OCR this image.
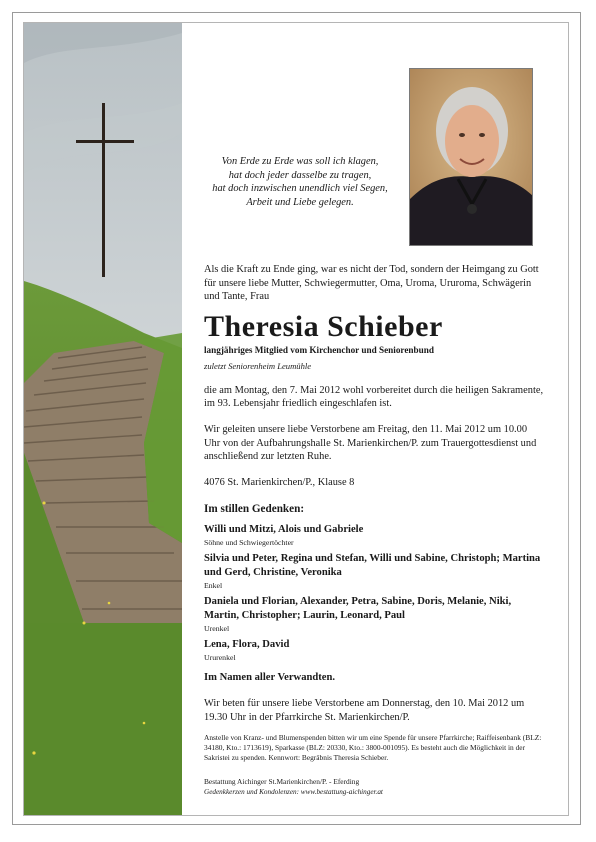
Von Erde zu Erde was soll ich klagen,
hat doch jeder dasselbe zu tragen,
hat doch inzwischen unendlich viel Segen,
Arbeit und Liebe gelegen.

Als die Kraft zu Ende ging, war es nicht der Tod, sondern der Heimgang zu Gott für unsere liebe Mutter, Schwiegermutter, Oma, Uroma, Ururoma, Schwägerin und Tante, Frau

Theresia Schieber

langjähriges Mitglied vom Kirchenchor und Seniorenbund

zuletzt Seniorenheim Leumühle

die am Montag, den 7. Mai 2012 wohl vorbereitet durch die heiligen Sakramente, im 93. Lebensjahr friedlich eingeschlafen ist.

Wir geleiten unsere liebe Verstorbene am Freitag, den 11. Mai 2012 um 10.00 Uhr von der Aufbahrungshalle St. Marienkirchen/P. zum Trauergottesdienst und anschließend zur letzten Ruhe.

4076 St. Marienkirchen/P., Klause 8

Im stillen Gedenken:

Willi und Mitzi, Alois und Gabriele

Söhne und Schwiegertöchter

Silvia und Peter, Regina und Stefan, Willi und Sabine, Christoph; Martina und Gerd, Christine, Veronika

Enkel

Daniela und Florian, Alexander, Petra, Sabine, Doris, Melanie, Niki, Martin, Christopher; Laurin, Leonard, Paul

Urenkel

Lena, Flora, David

Ururenkel

Im Namen aller Verwandten.

Wir beten für unsere liebe Verstorbene am Donnerstag, den 10. Mai 2012 um 19.30 Uhr in der Pfarrkirche St. Marienkirchen/P.

Anstelle von Kranz- und Blumenspenden bitten wir um eine Spende für unsere Pfarrkirche; Raiffeisenbank (BLZ: 34180, Kto.: 1713619), Sparkasse (BLZ: 20330, Kto.: 3800-001095). Es besteht auch die Möglichkeit in der Sakristei zu spenden. Kennwort: Begräbnis Theresia Schieber.

Bestattung Aichinger St.Marienkirchen/P. - Eferding

Gedenkkerzen und Kondolenzen: www.bestattung-aichinger.at
